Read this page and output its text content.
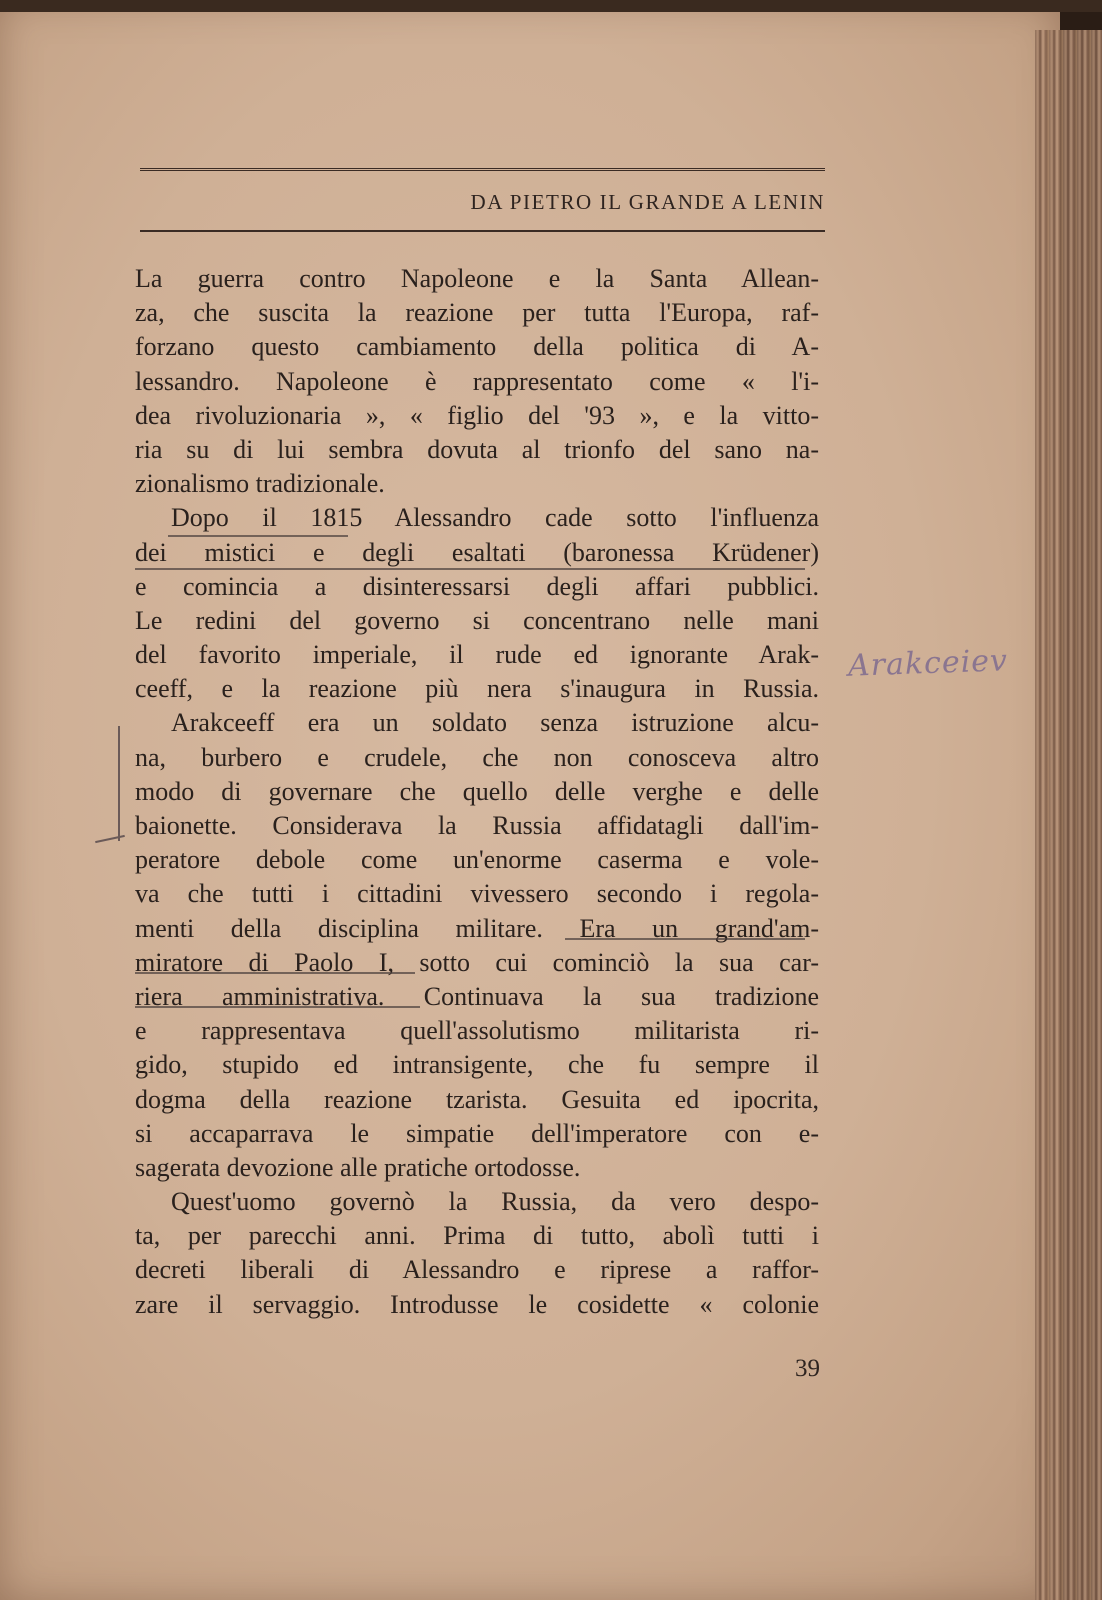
DA PIETRO IL GRANDE A LENIN
La guerra contro Napoleone e la Santa Allean-
za, che suscita la reazione per tutta l'Europa, raf-
forzano questo cambiamento della politica di A-
lessandro. Napoleone è rappresentato come « l'i-
dea rivoluzionaria », « figlio del '93 », e la vitto-
ria su di lui sembra dovuta al trionfo del sano na-
zionalismo tradizionale.
Dopo il 1815 Alessandro cade sotto l'influenza
dei mistici e degli esaltati (baronessa Krüdener)
e comincia a disinteressarsi degli affari pubblici.
Le redini del governo si concentrano nelle mani
del favorito imperiale, il rude ed ignorante Arak-
ceeff, e la reazione più nera s'inaugura in Russia.
Arakceeff era un soldato senza istruzione alcu-
na, burbero e crudele, che non conosceva altro
modo di governare che quello delle verghe e delle
baionette. Considerava la Russia affidatagli dall'im-
peratore debole come un'enorme caserma e vole-
va che tutti i cittadini vivessero secondo i regola-
menti della disciplina militare. Era un grand'am-
miratore di Paolo I, sotto cui cominciò la sua car-
riera amministrativa. Continuava la sua tradizione
e rappresentava quell'assolutismo militarista ri-
gido, stupido ed intransigente, che fu sempre il
dogma della reazione tzarista. Gesuita ed ipocrita,
si accaparrava le simpatie dell'imperatore con e-
sagerata devozione alle pratiche ortodosse.
Quest'uomo governò la Russia, da vero despo-
ta, per parecchi anni. Prima di tutto, abolì tutti i
decreti liberali di Alessandro e riprese a raffor-
zare il servaggio. Introdusse le cosidette « colonie
Arakceiev
39
